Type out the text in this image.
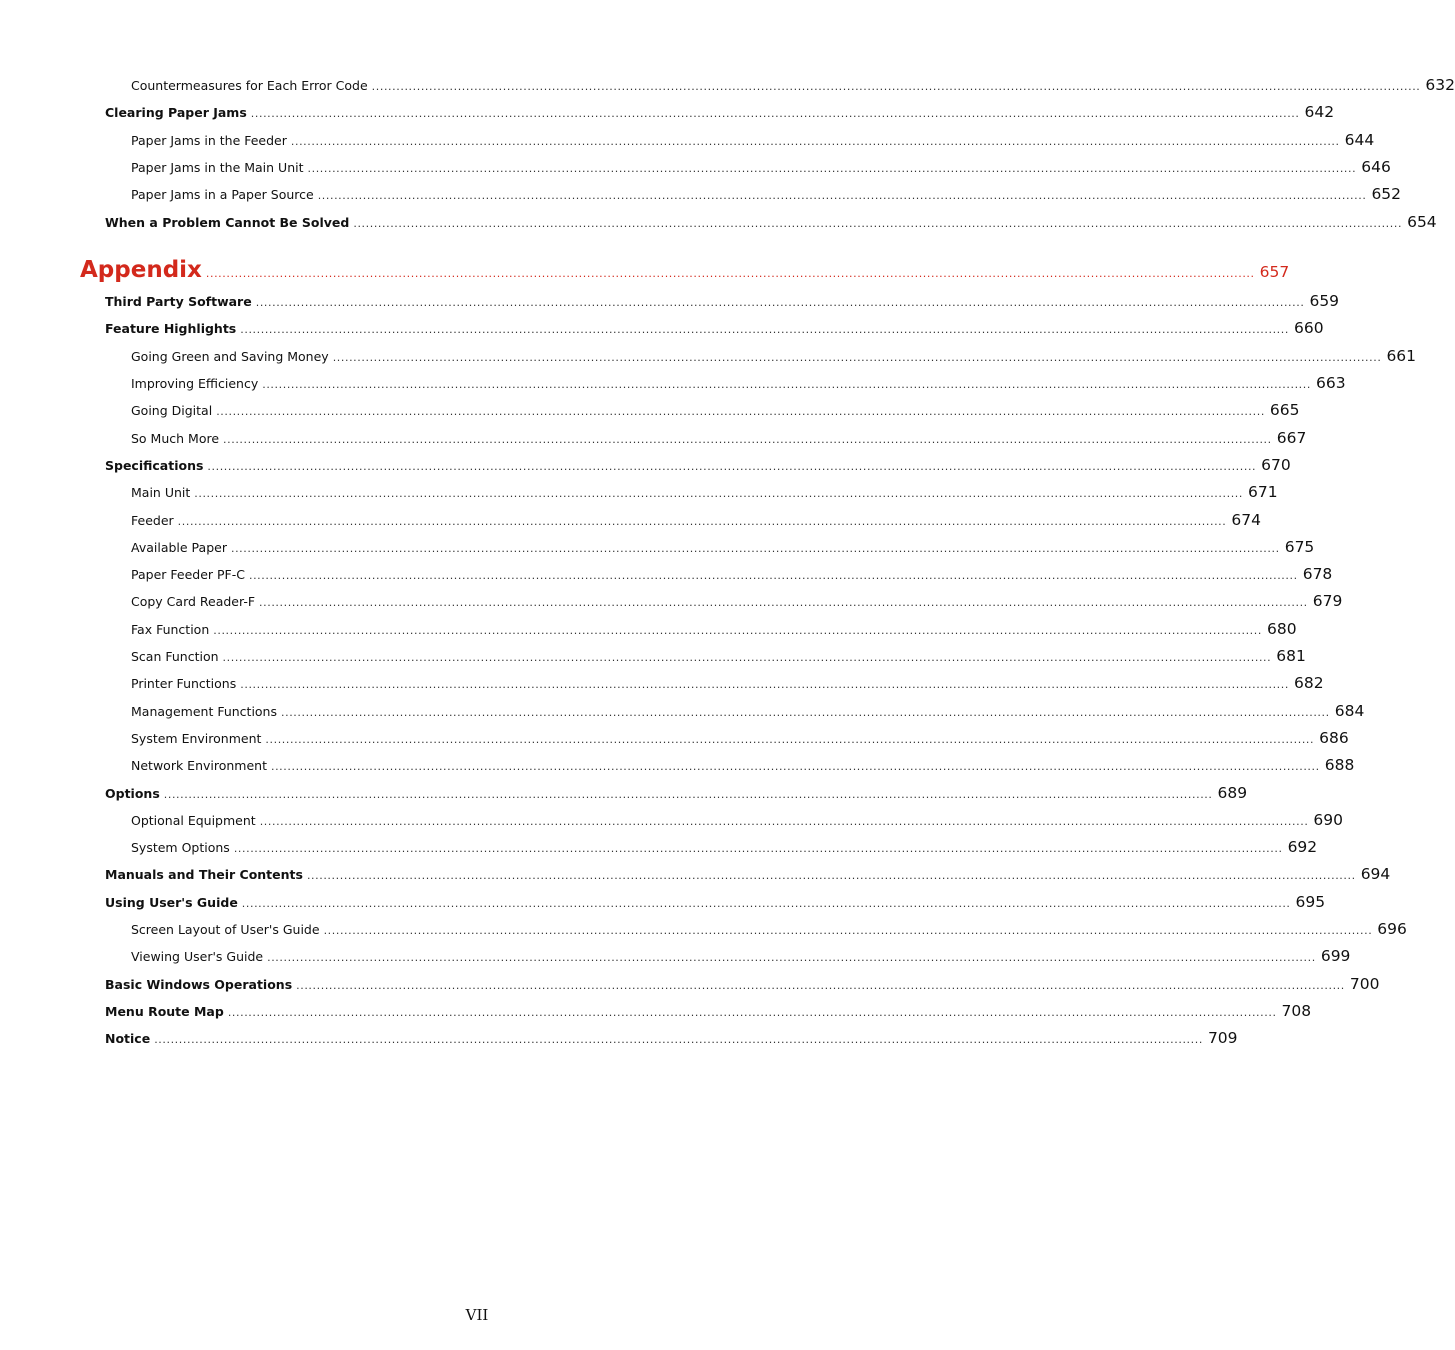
Countermeasures for Each Error Code ................................................................................................................................................................................................................................................................ 632
Clearing Paper Jams ................................................................................................................................................................................................................................................................ 642
Paper Jams in the Feeder ................................................................................................................................................................................................................................................................ 644
Paper Jams in the Main Unit ................................................................................................................................................................................................................................................................ 646
Paper Jams in a Paper Source ................................................................................................................................................................................................................................................................ 652
When a Problem Cannot Be Solved ................................................................................................................................................................................................................................................................ 654
Appendix ................................................................................................................................................................................................................................................................ 657
Third Party Software ................................................................................................................................................................................................................................................................ 659
Feature Highlights ................................................................................................................................................................................................................................................................ 660
Going Green and Saving Money ................................................................................................................................................................................................................................................................ 661
Improving Efficiency ................................................................................................................................................................................................................................................................ 663
Going Digital ................................................................................................................................................................................................................................................................ 665
So Much More ................................................................................................................................................................................................................................................................ 667
Specifications ................................................................................................................................................................................................................................................................ 670
Main Unit ................................................................................................................................................................................................................................................................ 671
Feeder ................................................................................................................................................................................................................................................................ 674
Available Paper ................................................................................................................................................................................................................................................................ 675
Paper Feeder PF-C ................................................................................................................................................................................................................................................................ 678
Copy Card Reader-F ................................................................................................................................................................................................................................................................ 679
Fax Function ................................................................................................................................................................................................................................................................ 680
Scan Function ................................................................................................................................................................................................................................................................ 681
Printer Functions ................................................................................................................................................................................................................................................................ 682
Management Functions ................................................................................................................................................................................................................................................................ 684
System Environment ................................................................................................................................................................................................................................................................ 686
Network Environment ................................................................................................................................................................................................................................................................ 688
Options ................................................................................................................................................................................................................................................................ 689
Optional Equipment ................................................................................................................................................................................................................................................................ 690
System Options ................................................................................................................................................................................................................................................................ 692
Manuals and Their Contents ................................................................................................................................................................................................................................................................ 694
Using User's Guide ................................................................................................................................................................................................................................................................ 695
Screen Layout of User's Guide ................................................................................................................................................................................................................................................................ 696
Viewing User's Guide ................................................................................................................................................................................................................................................................ 699
Basic Windows Operations ................................................................................................................................................................................................................................................................ 700
Menu Route Map ................................................................................................................................................................................................................................................................ 708
Notice ................................................................................................................................................................................................................................................................ 709
VII
